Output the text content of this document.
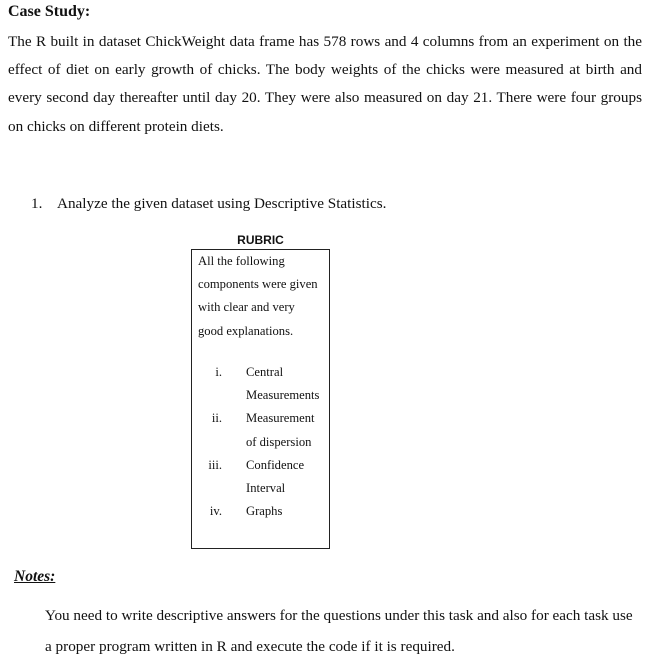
Case Study:

The R built in dataset ChickWeight data frame has 578 rows and 4 columns from an experiment on the effect of diet on early growth of chicks. The body weights of the chicks were measured at birth and every second day thereafter until day 20. They were also measured on day 21. There were four groups on chicks on different protein diets.

1. Analyze the given dataset using Descriptive Statistics.

RUBRIC

All the following components were given with clear and very good explanations.

i. Central Measurements
ii. Measurement of dispersion
iii. Confidence Interval
iv. Graphs
Notes:

You need to write descriptive answers for the questions under this task and also for each task use a proper program written in R and execute the code if it is required.
